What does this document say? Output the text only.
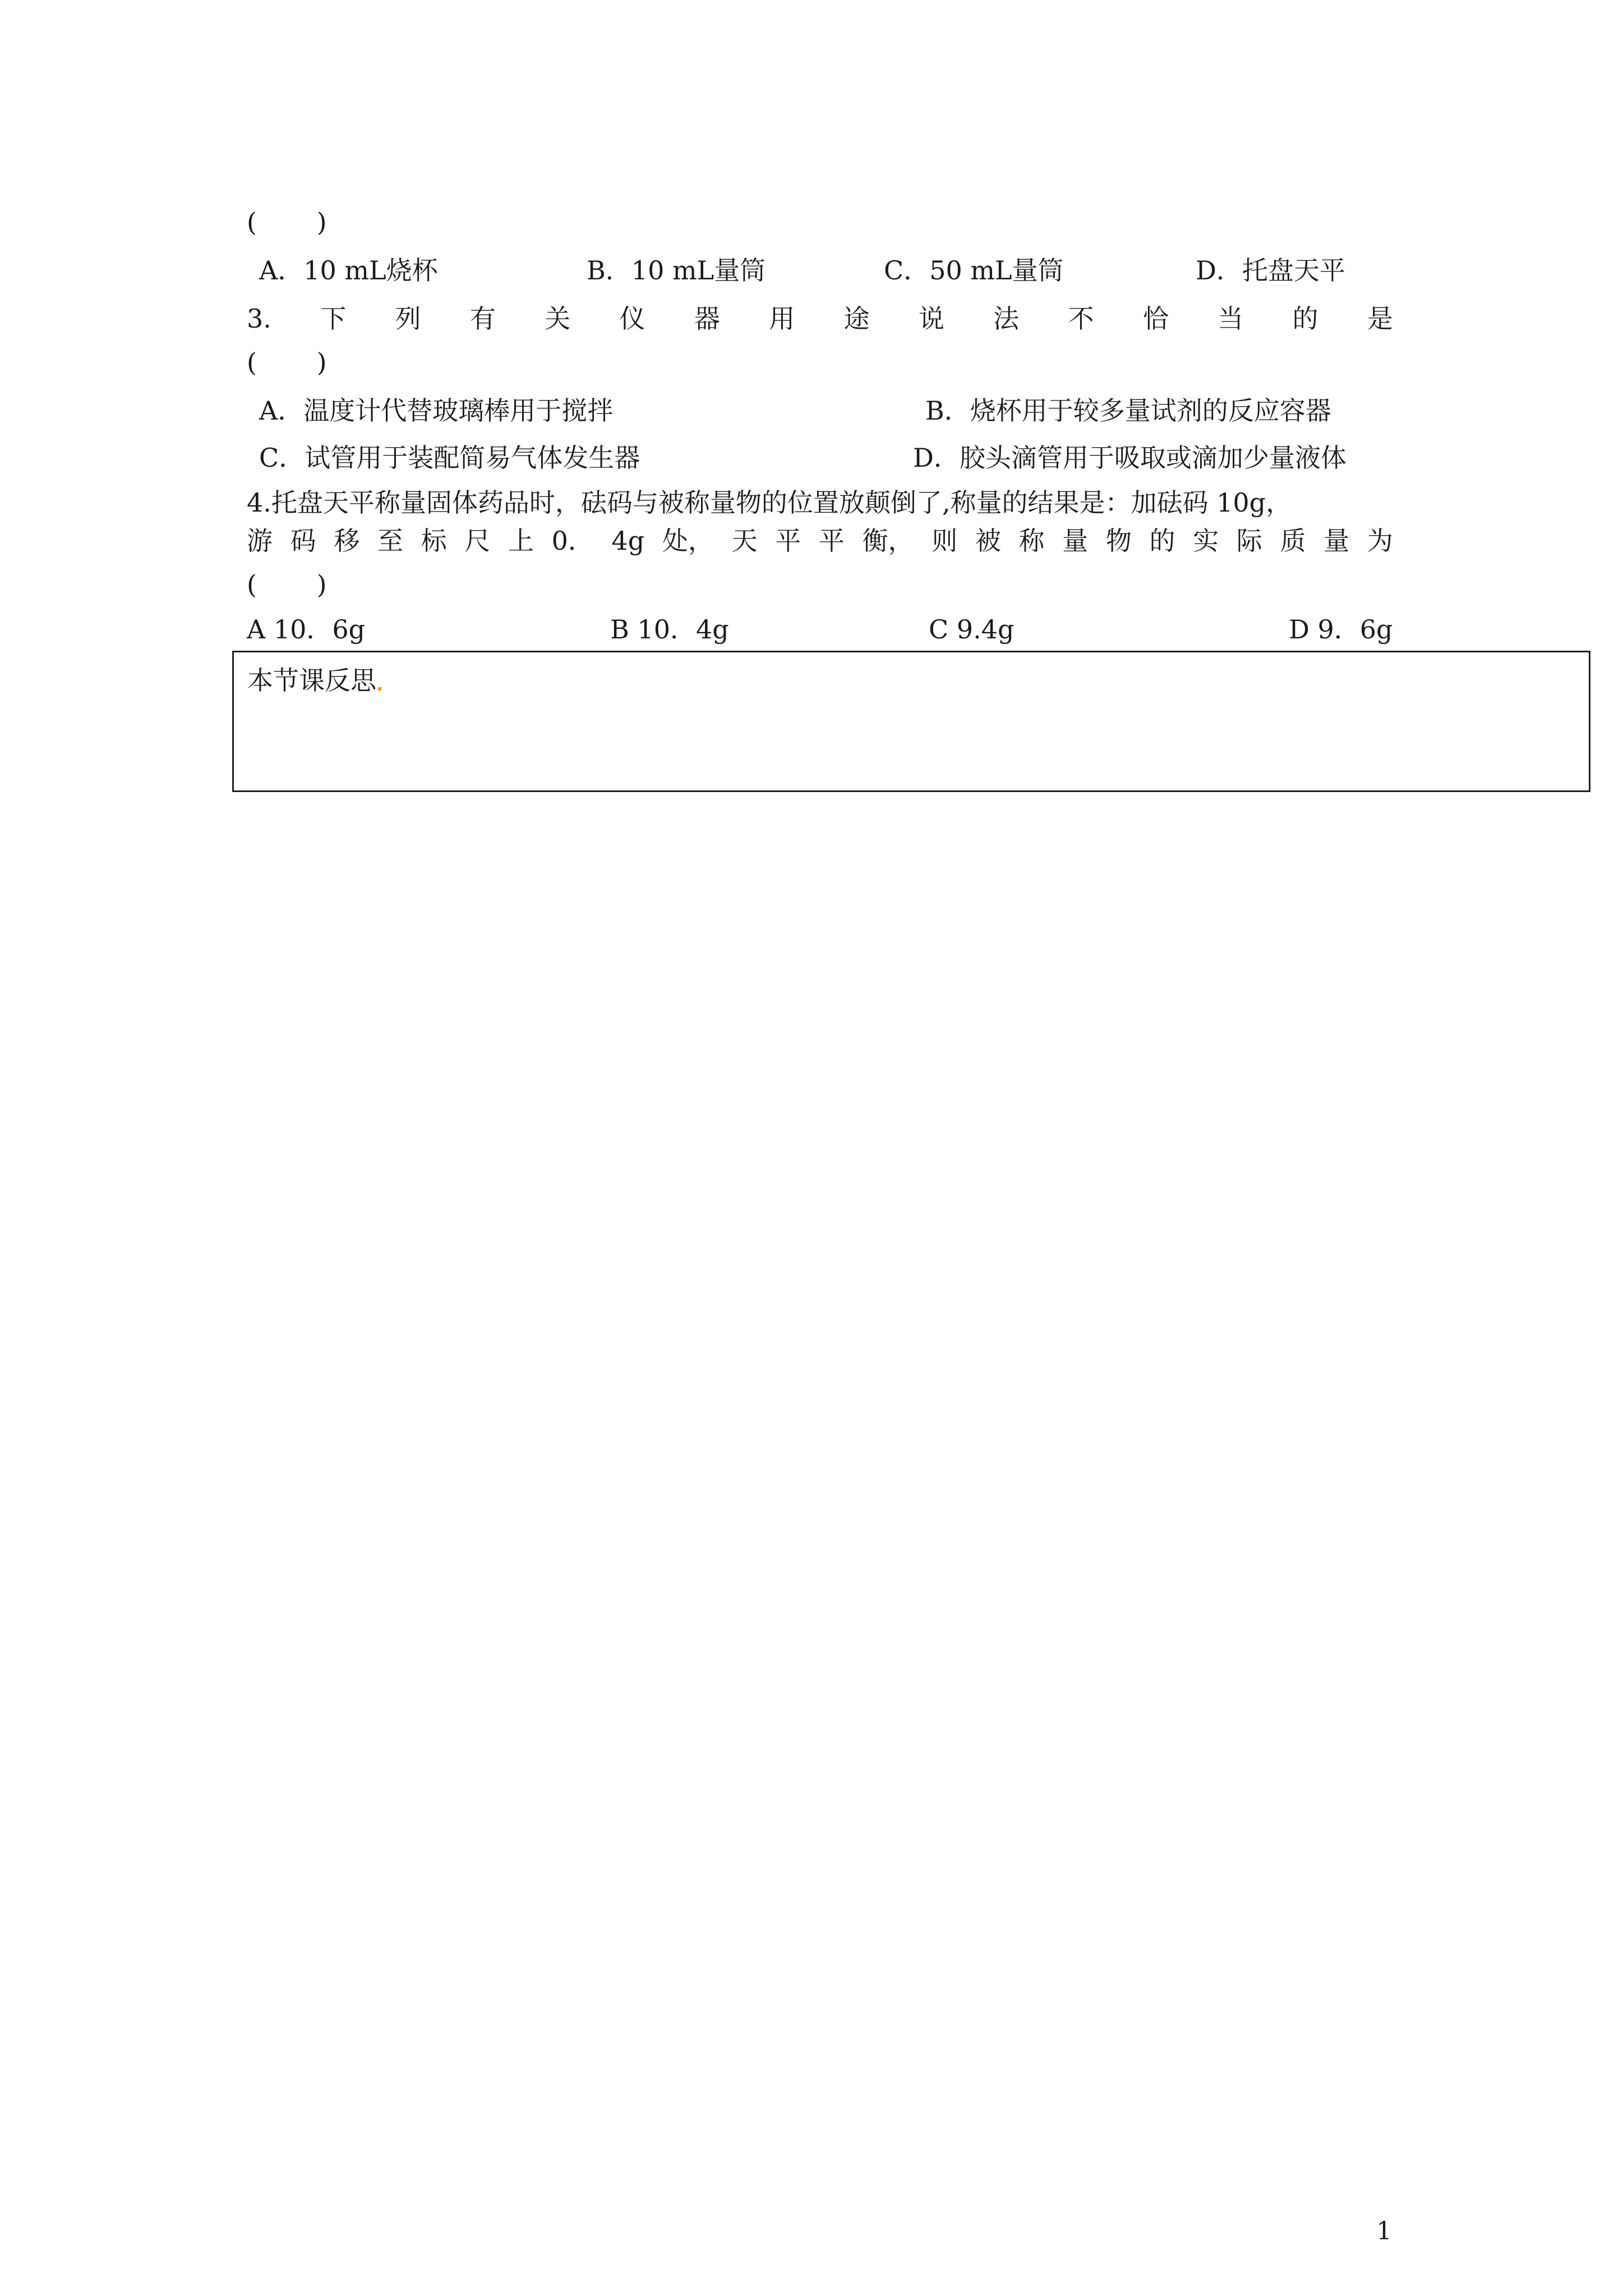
(　　 )
A．10 mL烧杯	B．10 mL量筒	C．50 mL量筒	D．托盘天平
3. 下 列 有 关 仪 器 用 途 说 法 不 恰 当 的 是
(　　 )
A．温度计代替玻璃棒用于搅拌	B．烧杯用于较多量试剂的反应容器
C．试管用于装配简易气体发生器	D．胶头滴管用于吸取或滴加少量液体
4.托盘天平称量固体药品时，砝码与被称量物的位置放颠倒了,称量的结果是：加砝码 10g，
游 码 移 至 标 尺 上 0． 4g 处， 天 平 平 衡， 则 被 称 量 物 的 实 际 质 量 为
(　　 )
A 10．6g	B 10．4g	C 9.4g	D 9．6g
本节课反思
1
